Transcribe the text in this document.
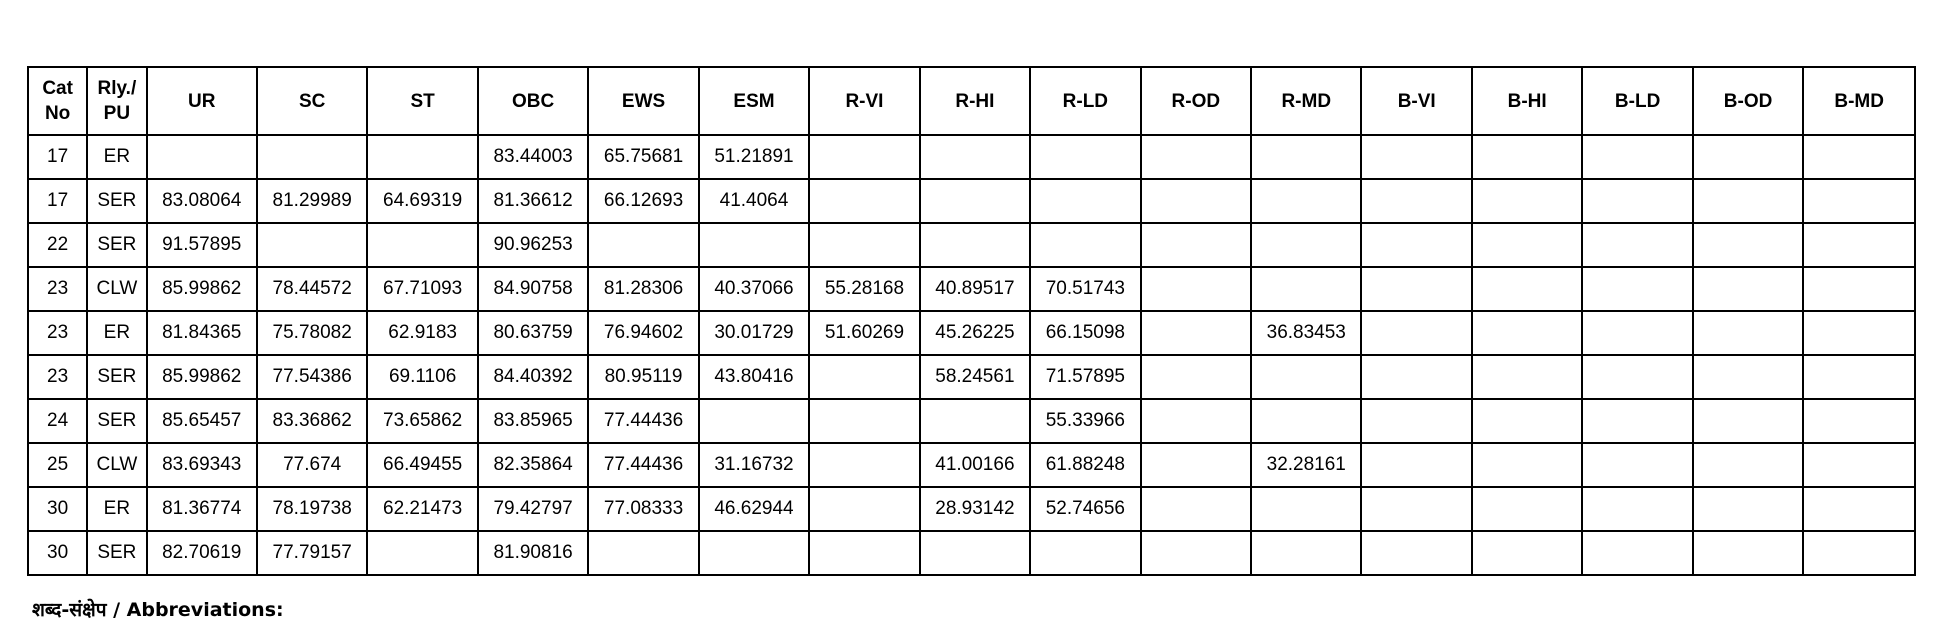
Cat No	Rly./ PU	UR	SC	ST	OBC	EWS	ESM	R-VI	R-HI	R-LD	R-OD	R-MD	B-VI	B-HI	B-LD	B-OD	B-MD
17	ER				83.44003	65.75681	51.21891										
17	SER	83.08064	81.29989	64.69319	81.36612	66.12693	41.4064										
22	SER	91.57895			90.96253												
23	CLW	85.99862	78.44572	67.71093	84.90758	81.28306	40.37066	55.28168	40.89517	70.51743							
23	ER	81.84365	75.78082	62.9183	80.63759	76.94602	30.01729	51.60269	45.26225	66.15098		36.83453					
23	SER	85.99862	77.54386	69.1106	84.40392	80.95119	43.80416		58.24561	71.57895							
24	SER	85.65457	83.36862	73.65862	83.85965	77.44436				55.33966							
25	CLW	83.69343	77.674	66.49455	82.35864	77.44436	31.16732		41.00166	61.88248		32.28161					
30	ER	81.36774	78.19738	62.21473	79.42797	77.08333	46.62944		28.93142	52.74656							
30	SER	82.70619	77.79157		81.90816												
शब्द-संक्षेप / Abbreviations:
